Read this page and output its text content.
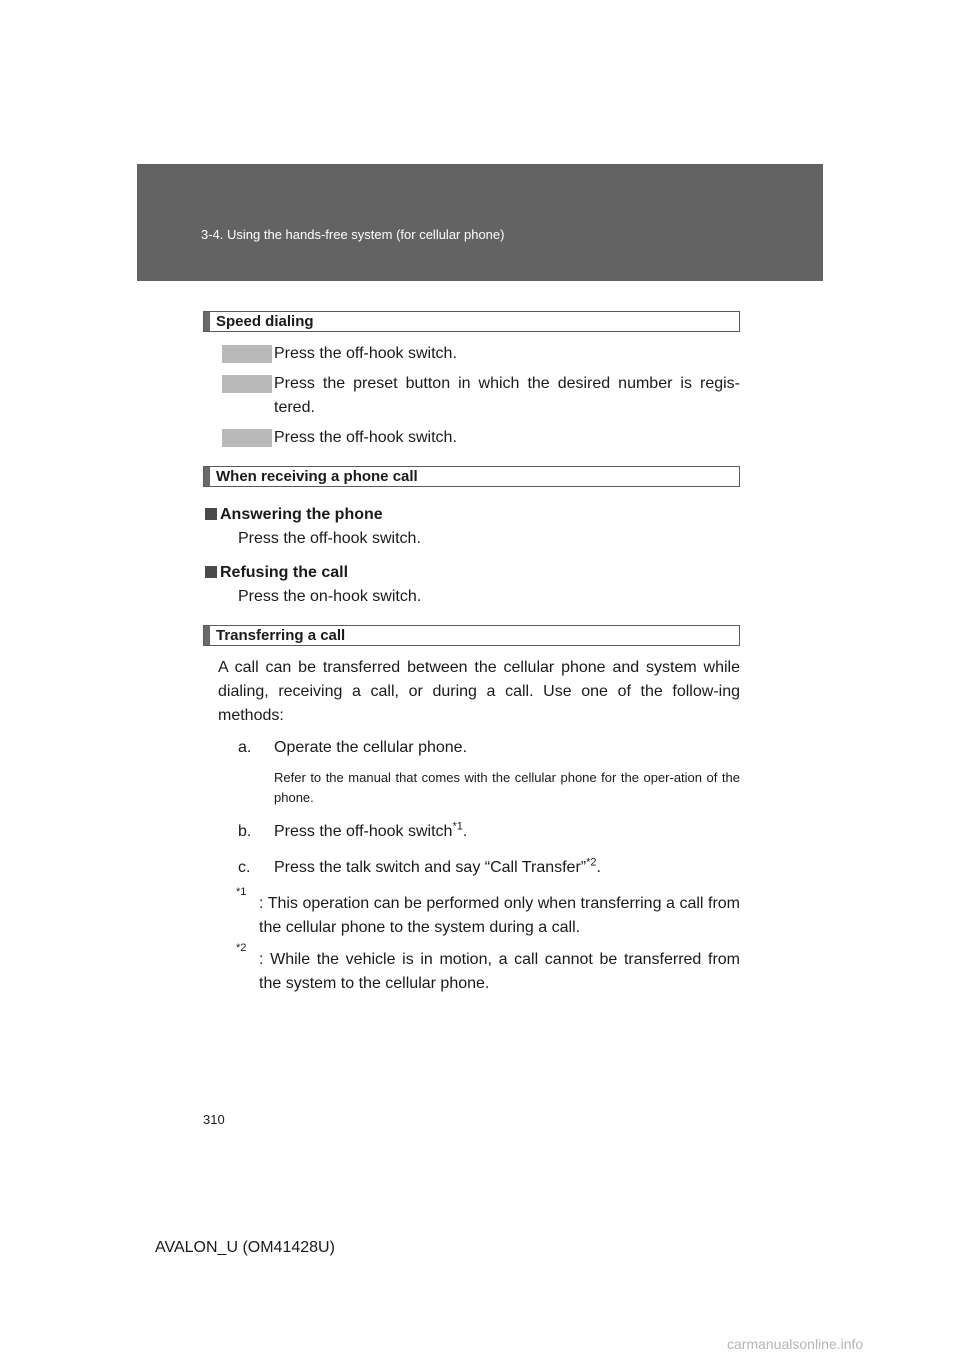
3-4. Using the hands-free system (for cellular phone)
Speed dialing
Press the off-hook switch.
Press the preset button in which the desired number is regis-tered.
Press the off-hook switch.
When receiving a phone call
Answering the phone
Press the off-hook switch.
Refusing the call
Press the on-hook switch.
Transferring a call
A call can be transferred between the cellular phone and system while dialing, receiving a call, or during a call. Use one of the follow-ing methods:
a.	Operate the cellular phone.
Refer to the manual that comes with the cellular phone for the oper-ation of the phone.
b.	Press the off-hook switch$^{*1}$.
c.	Press the talk switch and say “Call Transfer”$^{*2}$.
*1
: This operation can be performed only when transferring a call from the cellular phone to the system during a call.
*2
: While the vehicle is in motion, a call cannot be transferred from the system to the cellular phone.
310
AVALON_U (OM41428U)
carmanualsonline.info
